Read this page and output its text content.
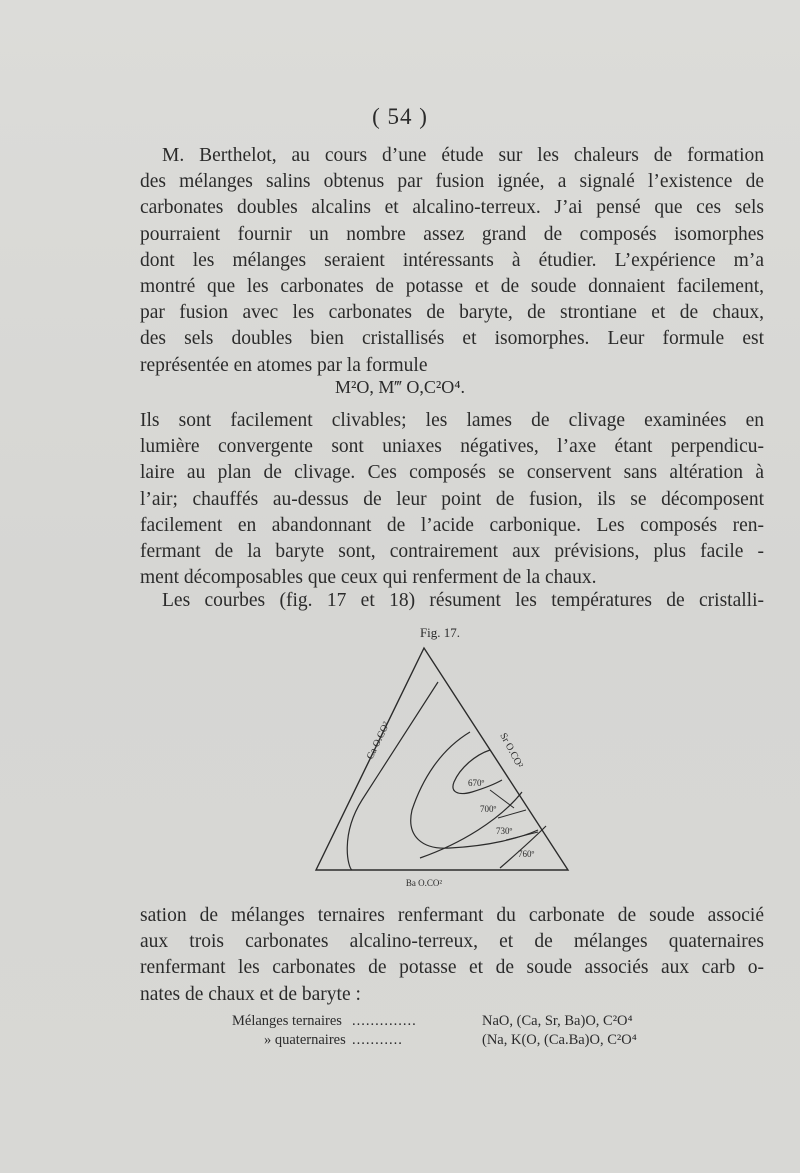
( 54 )

M. Berthelot, au cours d’une étude sur les chaleurs de formation
des mélanges salins obtenus par fusion ignée, a signalé l’existence de
carbonates doubles alcalins et alcalino-terreux. J’ai pensé que ces sels
pourraient fournir un nombre assez grand de composés isomorphes
dont les mélanges seraient intéressants à étudier. L’expérience m’a
montré que les carbonates de potasse et de soude donnaient facilement,
par fusion avec les carbonates de baryte, de strontiane et de chaux,
des sels doubles bien cristallisés et isomorphes. Leur formule est
représentée en atomes par la formule

M²O, M‴ O,C²O⁴.

Ils sont facilement clivables; les lames de clivage examinées en
lumière convergente sont uniaxes négatives, l’axe étant perpendicu-
laire au plan de clivage. Ces composés se conservent sans altération à
l’air; chauffés au-dessus de leur point de fusion, ils se décomposent
facilement en abandonnant de l’acide carbonique. Les composés ren-
fermant de la baryte sont, contrairement aux prévisions, plus facile -
ment décomposables que ceux qui renferment de la chaux.

Les courbes (fig. 17 et 18) résument les températures de cristalli-

Fig. 17.
Ca O.CO²	Sr O.CO²
Ba O.CO²
670º
700º
730º
760º

sation de mélanges ternaires renfermant du carbonate de soude associé
aux trois carbonates alcalino-terreux, et de mélanges quaternaires
renfermant les carbonates de potasse et de soude associés aux carb o-
nates de chaux et de baryte :

Mélanges ternaires ..............	NaO, (Ca, Sr, Ba)O, C²O⁴
» quaternaires ...........	(Na, K(O, (Ca.Ba)O, C²O⁴
